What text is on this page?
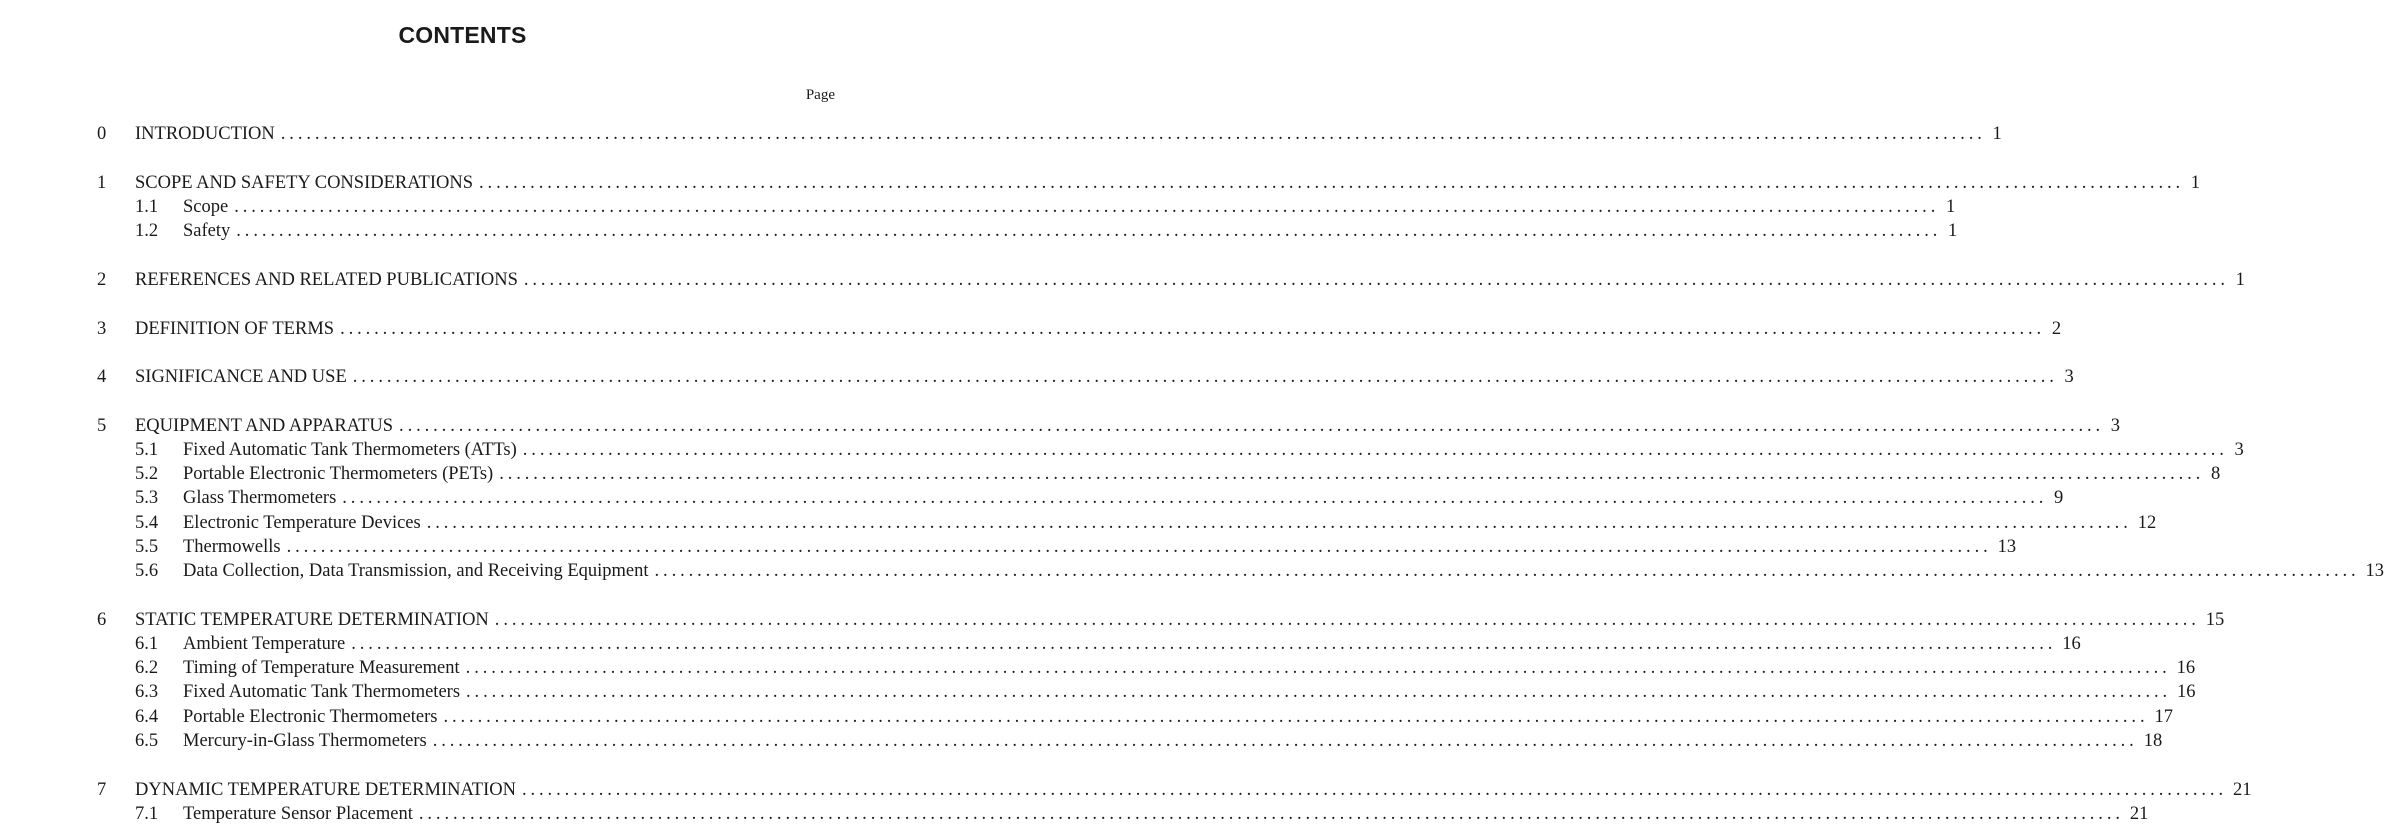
CONTENTS
Page
0	INTRODUCTION ........................................................................................................................................................................................................ 1
1	SCOPE AND SAFETY CONSIDERATIONS ........................................................................................................................................................................................................ 1
1.1	Scope ........................................................................................................................................................................................................ 1
1.2	Safety ........................................................................................................................................................................................................ 1
2	REFERENCES AND RELATED PUBLICATIONS ........................................................................................................................................................................................................ 1
3	DEFINITION OF TERMS ........................................................................................................................................................................................................ 2
4	SIGNIFICANCE AND USE ........................................................................................................................................................................................................ 3
5	EQUIPMENT AND APPARATUS ........................................................................................................................................................................................................ 3
5.1	Fixed Automatic Tank Thermometers (ATTs) ........................................................................................................................................................................................................ 3
5.2	Portable Electronic Thermometers (PETs) ........................................................................................................................................................................................................ 8
5.3	Glass Thermometers ........................................................................................................................................................................................................ 9
5.4	Electronic Temperature Devices ........................................................................................................................................................................................................ 12
5.5	Thermowells ........................................................................................................................................................................................................ 13
5.6	Data Collection, Data Transmission, and Receiving Equipment ........................................................................................................................................................................................................ 13
6	STATIC TEMPERATURE DETERMINATION ........................................................................................................................................................................................................ 15
6.1	Ambient Temperature ........................................................................................................................................................................................................ 16
6.2	Timing of Temperature Measurement ........................................................................................................................................................................................................ 16
6.3	Fixed Automatic Tank Thermometers ........................................................................................................................................................................................................ 16
6.4	Portable Electronic Thermometers ........................................................................................................................................................................................................ 17
6.5	Mercury-in-Glass Thermometers ........................................................................................................................................................................................................ 18
7	DYNAMIC TEMPERATURE DETERMINATION ........................................................................................................................................................................................................ 21
7.1	Temperature Sensor Placement ........................................................................................................................................................................................................ 21
